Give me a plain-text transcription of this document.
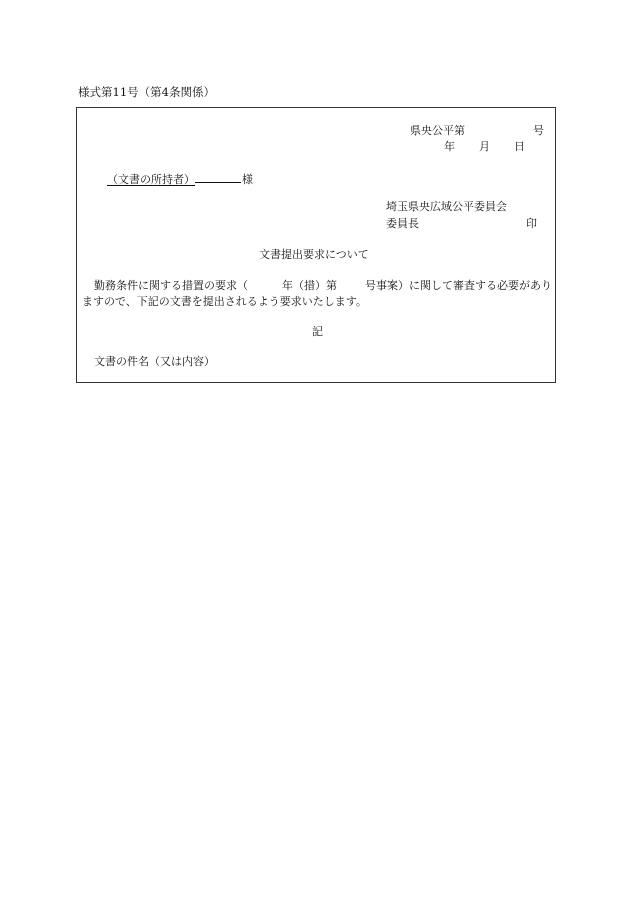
様式第11号（第4条関係）
県央公平第	号
年 月 日
（文書の所持者）	様
埼玉県央広域公平委員会
委員長	印
文書提出要求について
勤務条件に関する措置の要求（	年（措）第	号事案）に関して審査する必要がありますので、下記の文書を提出されるよう要求いたします。
記
文書の件名（又は内容）
